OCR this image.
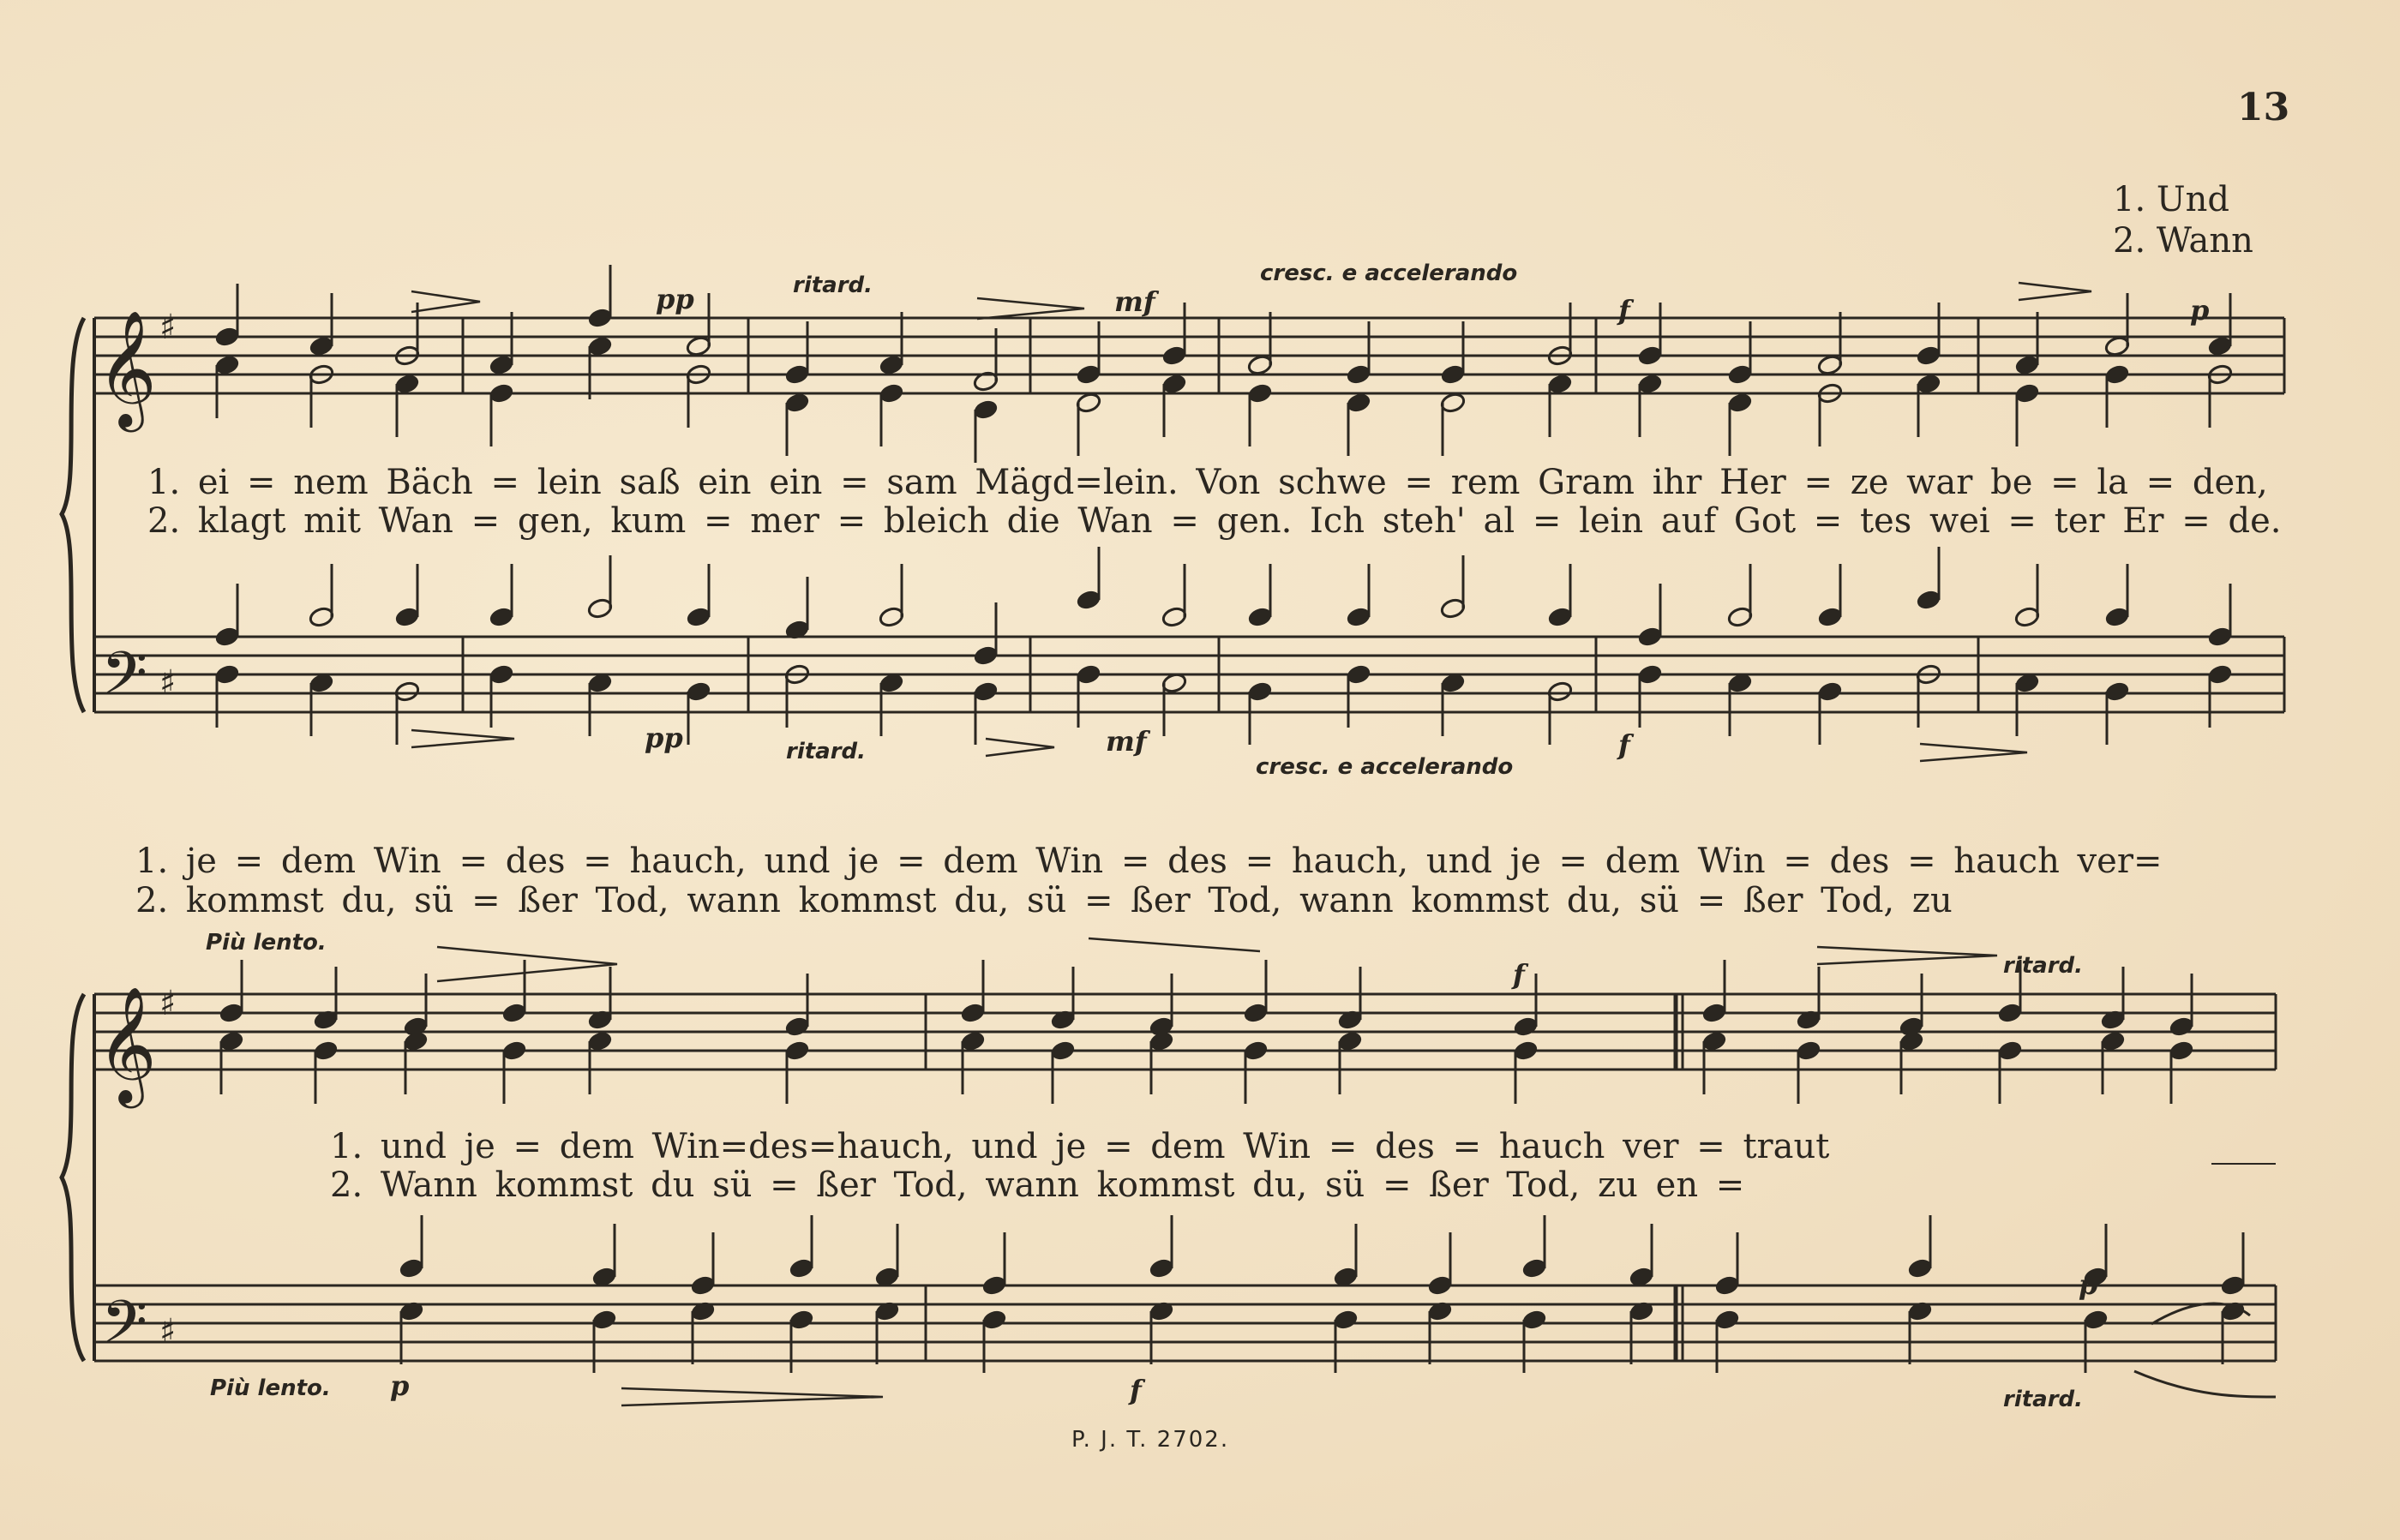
𝄞
𝄢
𝄞
𝄢
♯
♯
♯
♯
13
1. Und
2. Wann
pp	ritard.	mf
cresc. e accelerando
f	p
1. ei = nem Bäch = lein saß ein ein = sam Mägd=lein. Von schwe = rem Gram ihr Her = ze war be = la = den,
2. klagt mit Wan = gen, kum = mer = bleich die Wan = gen. Ich steh' al = lein auf Got = tes wei = ter Er = de.
pp	ritard.	mf
cresc. e accelerando
f
1. je = dem Win = des = hauch, und je = dem Win = des = hauch, und je = dem Win = des = hauch ver=
2. kommst du, sü = ßer Tod, wann kommst du, sü = ßer Tod, wann kommst du, sü = ßer Tod, zu
Più lento.
f	ritard.
1. und je = dem Win=des=hauch, und je = dem Win = des = hauch ver = traut
2. Wann kommst du sü = ßer Tod, wann kommst du, sü = ßer Tod, zu en =
Più lento. p	f
p
ritard.
P. J. T. 2702.
